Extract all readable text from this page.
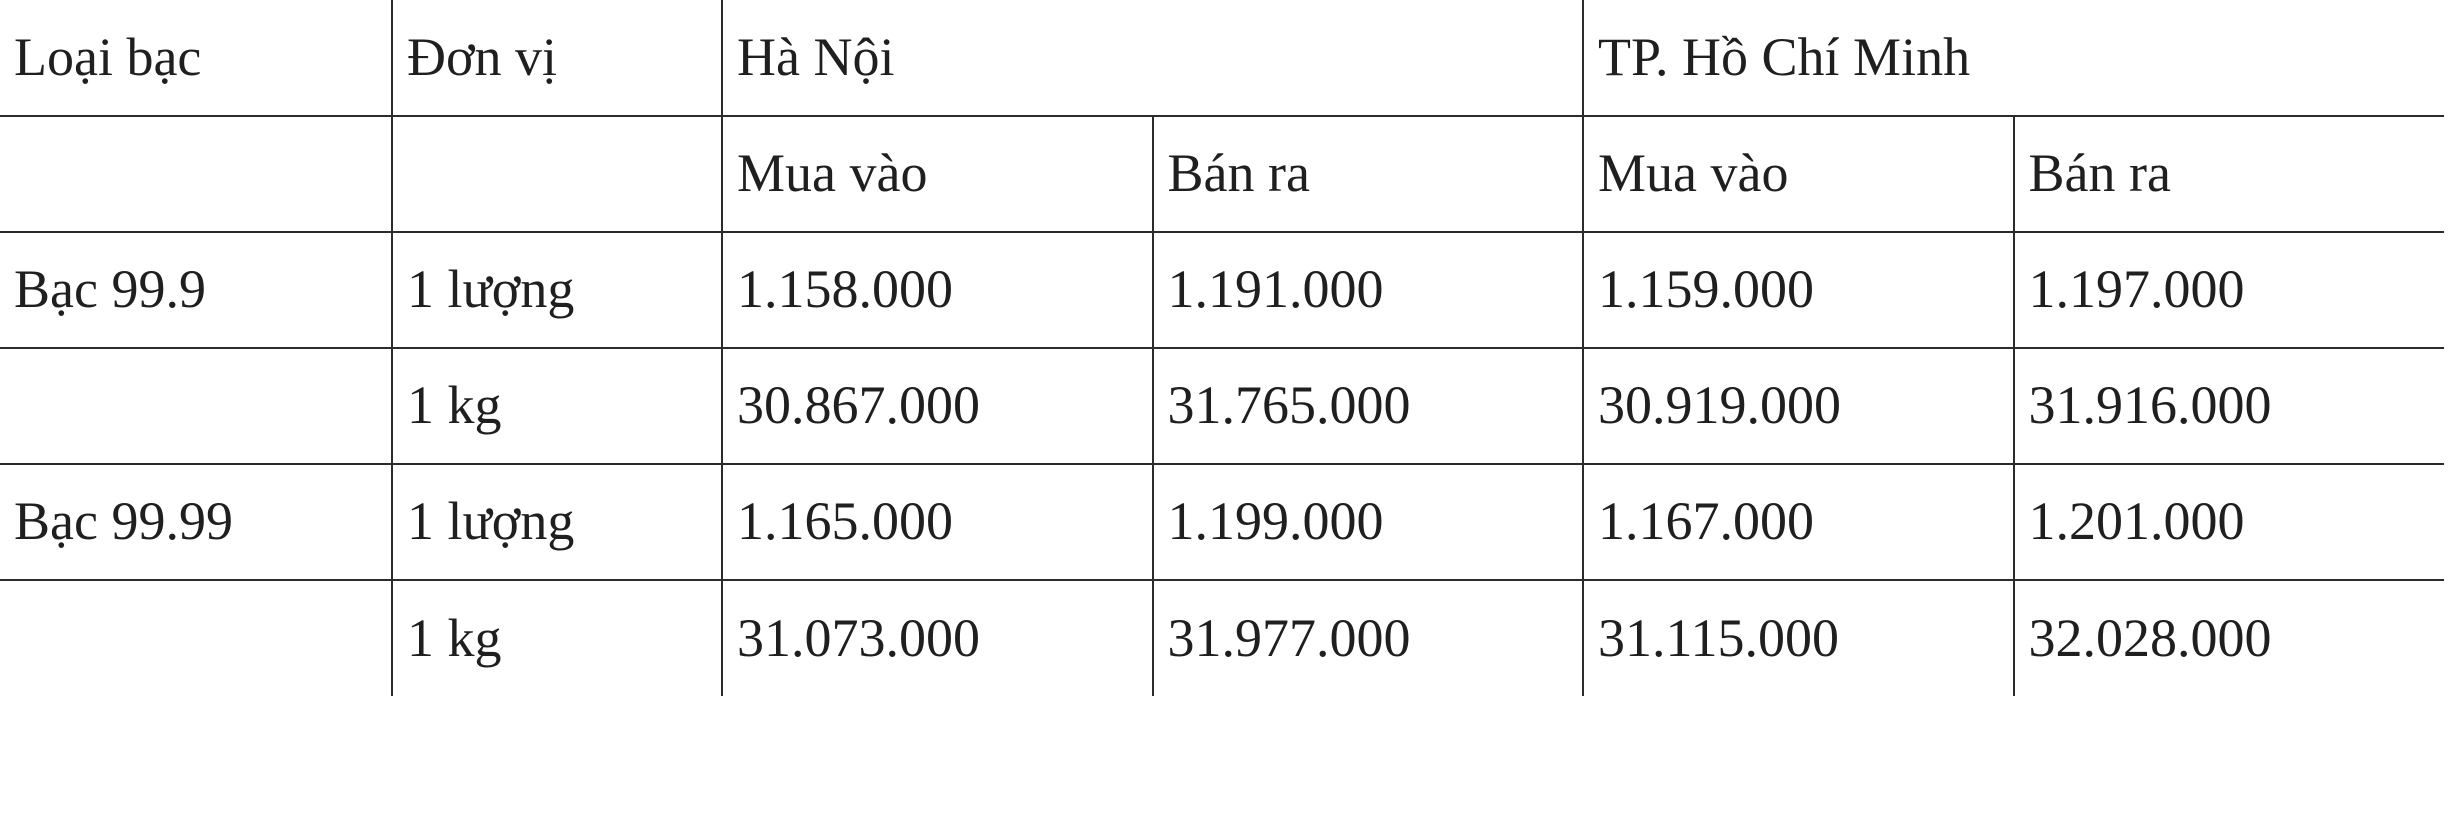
Loại bạc	Đơn vị	Hà Nội		TP. Hồ Chí Minh	
		Mua vào	Bán ra	Mua vào	Bán ra
Bạc 99.9	1 lượng	1.158.000	1.191.000	1.159.000	1.197.000
	1 kg	30.867.000	31.765.000	30.919.000	31.916.000
Bạc 99.99	1 lượng	1.165.000	1.199.000	1.167.000	1.201.000
	1 kg	31.073.000	31.977.000	31.115.000	32.028.000
